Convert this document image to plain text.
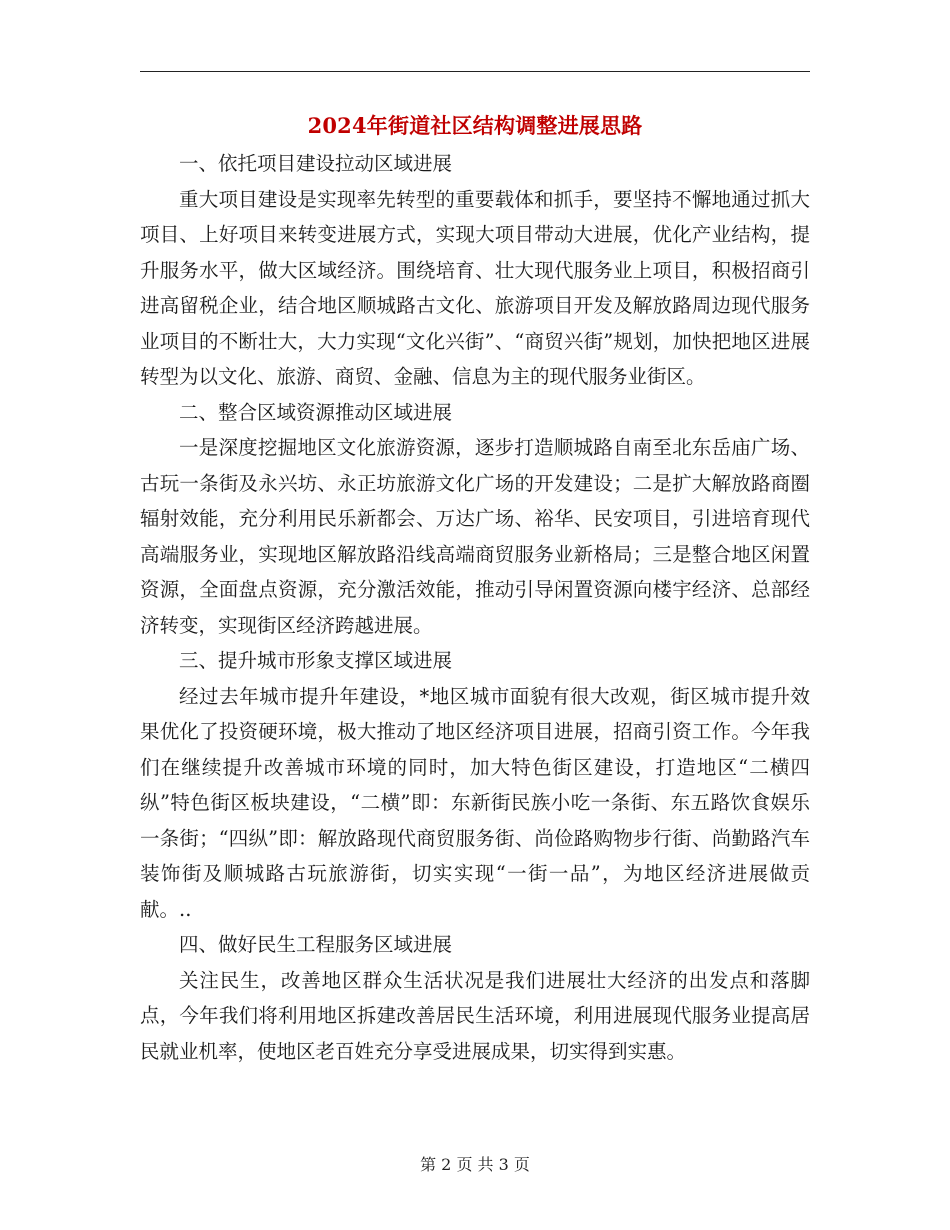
2024年街道社区结构调整进展思路

一、依托项目建设拉动区域进展

重大项目建设是实现率先转型的重要载体和抓手，要坚持不懈地通过抓大项目、上好项目来转变进展方式，实现大项目带动大进展，优化产业结构，提升服务水平，做大区域经济。围绕培育、壮大现代服务业上项目，积极招商引进高留税企业，结合地区顺城路古文化、旅游项目开发及解放路周边现代服务业项目的不断壮大，大力实现“文化兴街”、“商贸兴街”规划，加快把地区进展转型为以文化、旅游、商贸、金融、信息为主的现代服务业街区。

二、整合区域资源推动区域进展

一是深度挖掘地区文化旅游资源，逐步打造顺城路自南至北东岳庙广场、古玩一条街及永兴坊、永正坊旅游文化广场的开发建设；二是扩大解放路商圈辐射效能，充分利用民乐新都会、万达广场、裕华、民安项目，引进培育现代高端服务业，实现地区解放路沿线高端商贸服务业新格局；三是整合地区闲置资源，全面盘点资源，充分激活效能，推动引导闲置资源向楼宇经济、总部经济转变，实现街区经济跨越进展。

三、提升城市形象支撑区域进展

经过去年城市提升年建设，*地区城市面貌有很大改观，街区城市提升效果优化了投资硬环境，极大推动了地区经济项目进展，招商引资工作。今年我们在继续提升改善城市环境的同时，加大特色街区建设，打造地区“二横四纵”特色街区板块建设，“二横”即：东新街民族小吃一条街、东五路饮食娱乐一条街；“四纵”即：解放路现代商贸服务街、尚俭路购物步行街、尚勤路汽车装饰街及顺城路古玩旅游街，切实实现“一街一品”，为地区经济进展做贡献。..

四、做好民生工程服务区域进展

关注民生，改善地区群众生活状况是我们进展壮大经济的出发点和落脚点，今年我们将利用地区拆建改善居民生活环境，利用进展现代服务业提高居民就业机率，使地区老百姓充分享受进展成果，切实得到实惠。

第 2 页 共 3 页
